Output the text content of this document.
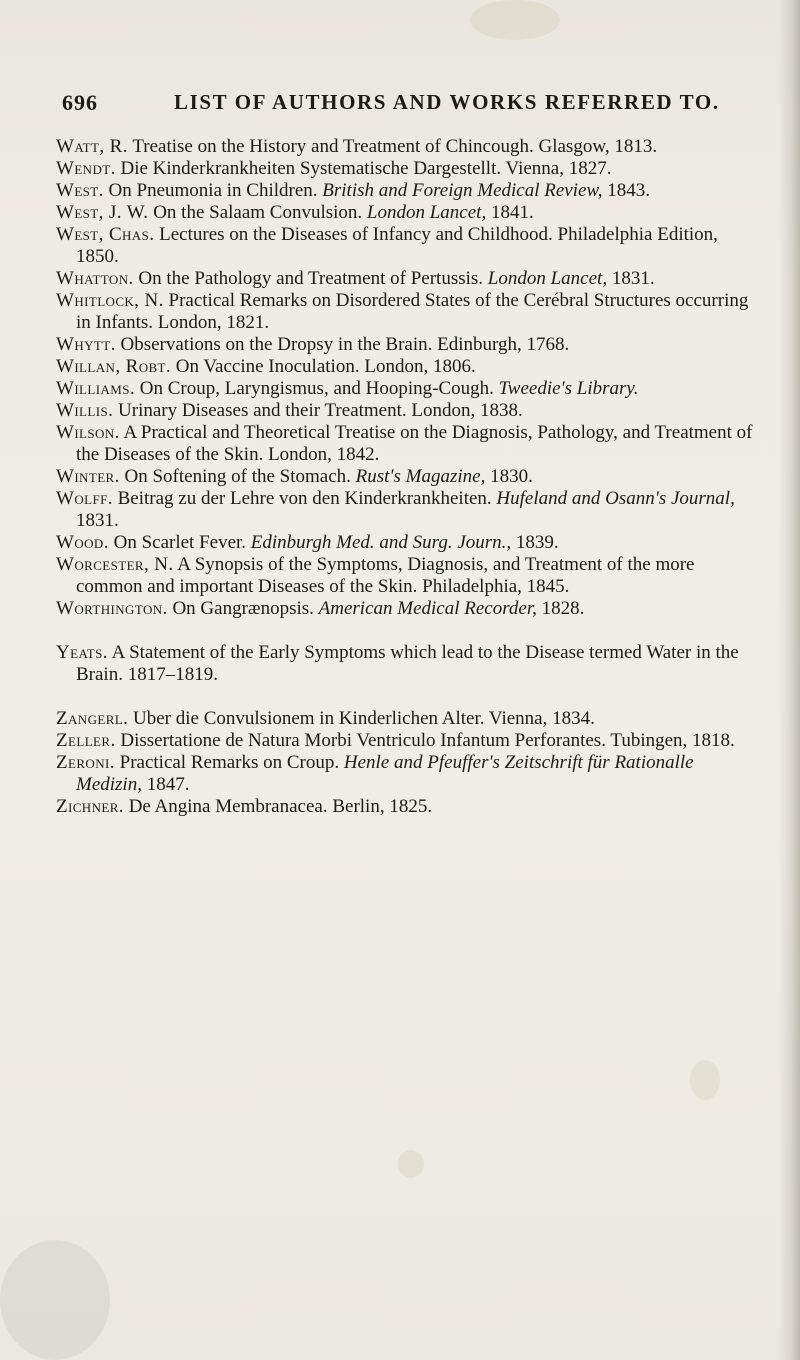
696	LIST OF AUTHORS AND WORKS REFERRED TO.

Watt, R. Treatise on the History and Treatment of Chincough. Glasgow, 1813.

Wendt. Die Kinderkrankheiten Systematische Dargestellt. Vienna, 1827.

West. On Pneumonia in Children. British and Foreign Medical Review, 1843.

West, J. W. On the Salaam Convulsion. London Lancet, 1841.

West, Chas. Lectures on the Diseases of Infancy and Childhood. Philadelphia Edition, 1850.

Whatton. On the Pathology and Treatment of Pertussis. London Lancet, 1831.

Whitlock, N. Practical Remarks on Disordered States of the Cerébral Structures occurring in Infants. London, 1821.

Whytt. Observations on the Dropsy in the Brain. Edinburgh, 1768.

Willan, Robt. On Vaccine Inoculation. London, 1806.

Williams. On Croup, Laryngismus, and Hooping-Cough. Tweedie's Library.

Willis. Urinary Diseases and their Treatment. London, 1838.

Wilson. A Practical and Theoretical Treatise on the Diagnosis, Pathology, and Treatment of the Diseases of the Skin. London, 1842.

Winter. On Softening of the Stomach. Rust's Magazine, 1830.

Wolff. Beitrag zu der Lehre von den Kinderkrankheiten. Hufeland and Osann's Journal, 1831.

Wood. On Scarlet Fever. Edinburgh Med. and Surg. Journ., 1839.

Worcester, N. A Synopsis of the Symptoms, Diagnosis, and Treatment of the more common and important Diseases of the Skin. Philadelphia, 1845.

Worthington. On Gangrænopsis. American Medical Recorder, 1828.

Yeats. A Statement of the Early Symptoms which lead to the Disease termed Water in the Brain. 1817–1819.

Zangerl. Uber die Convulsionem in Kinderlichen Alter. Vienna, 1834.

Zeller. Dissertatione de Natura Morbi Ventriculo Infantum Perforantes. Tubingen, 1818.

Zeroni. Practical Remarks on Croup. Henle and Pfeuffer's Zeitschrift für Rationalle Medizin, 1847.

Zichner. De Angina Membranacea. Berlin, 1825.
